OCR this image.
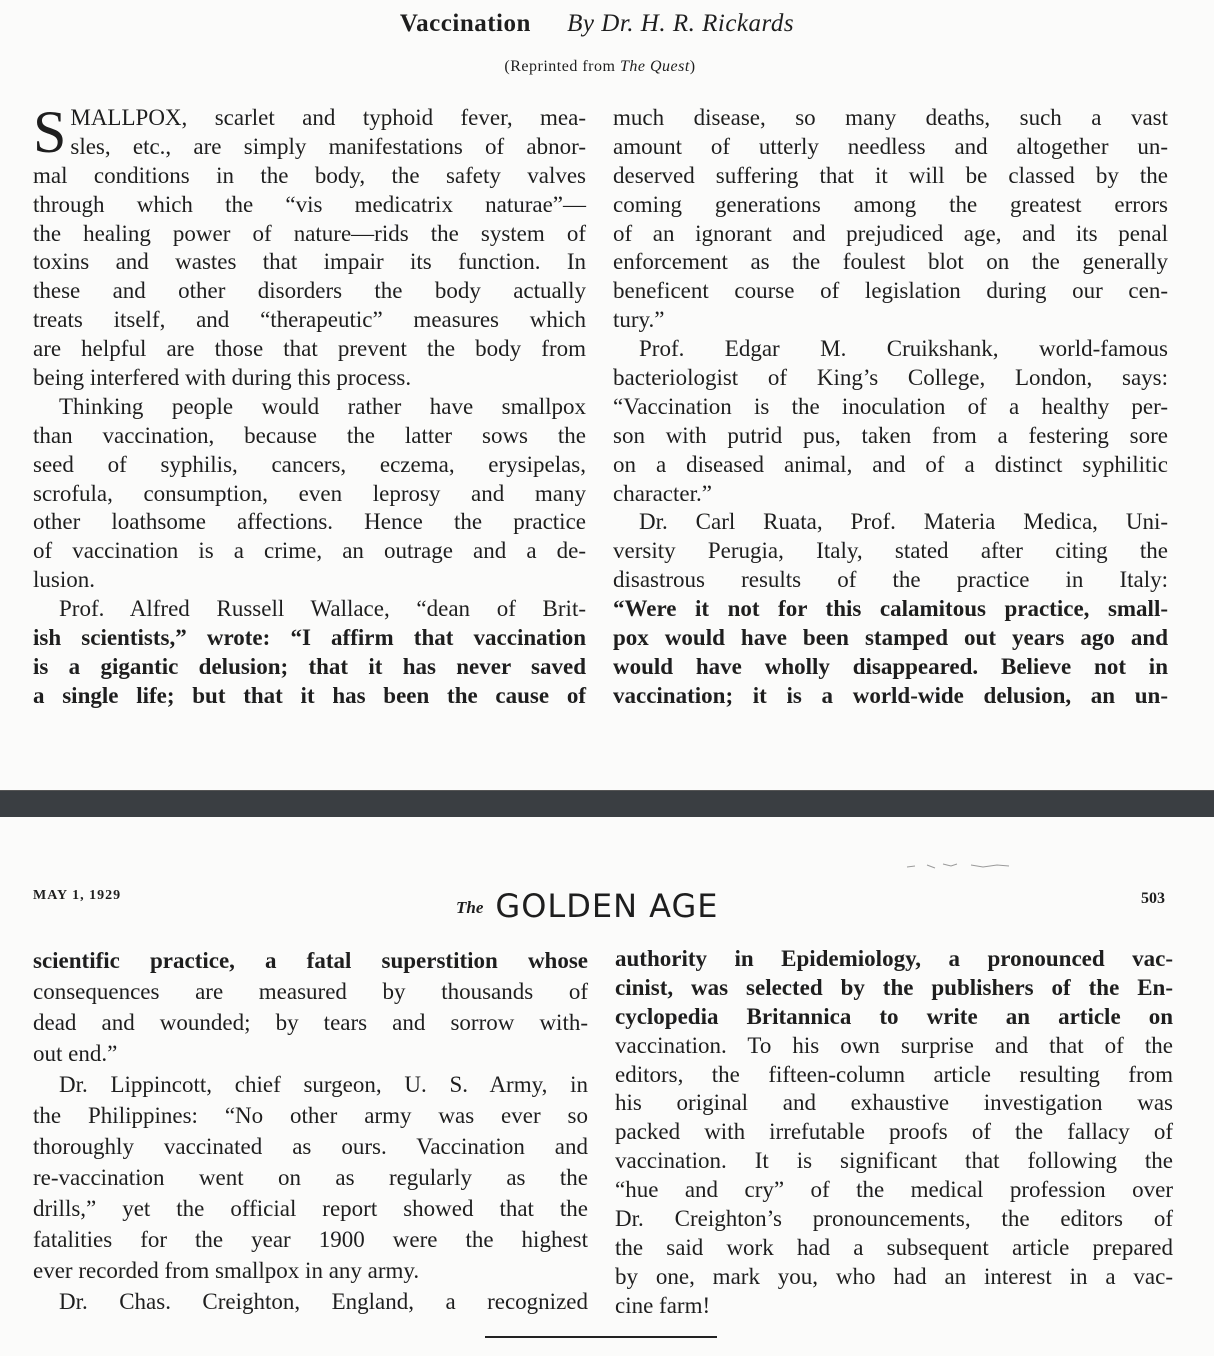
Vaccination By Dr. H. R. Rickards
(Reprinted from The Quest)
S MALLPOX, scarlet and typhoid fever, mea-
sles, etc., are simply manifestations of abnor-
mal conditions in the body, the safety valves
through which the “vis medicatrix naturae”—
the healing power of nature—rids the system of
toxins and wastes that impair its function. In
these and other disorders the body actually
treats itself, and “therapeutic” measures which
are helpful are those that prevent the body from
being interfered with during this process.
Thinking people would rather have smallpox
than vaccination, because the latter sows the
seed of syphilis, cancers, eczema, erysipelas,
scrofula, consumption, even leprosy and many
other loathsome affections. Hence the practice
of vaccination is a crime, an outrage and a de-
lusion.
Prof. Alfred Russell Wallace, “dean of Brit-
ish scientists,” wrote: “I affirm that vaccination
is a gigantic delusion; that it has never saved
a single life; but that it has been the cause of
much disease, so many deaths, such a vast
amount of utterly needless and altogether un-
deserved suffering that it will be classed by the
coming generations among the greatest errors
of an ignorant and prejudiced age, and its penal
enforcement as the foulest blot on the generally
beneficent course of legislation during our cen-
tury.”
Prof. Edgar M. Cruikshank, world-famous
bacteriologist of King’s College, London, says:
“Vaccination is the inoculation of a healthy per-
son with putrid pus, taken from a festering sore
on a diseased animal, and of a distinct syphilitic
character.”
Dr. Carl Ruata, Prof. Materia Medica, Uni-
versity Perugia, Italy, stated after citing the
disastrous results of the practice in Italy:
“Were it not for this calamitous practice, small-
pox would have been stamped out years ago and
would have wholly disappeared. Believe not in
vaccination; it is a world-wide delusion, an un-
MAY 1, 1929
The GOLDEN AGE	503
scientific practice, a fatal superstition whose
consequences are measured by thousands of
dead and wounded; by tears and sorrow with-
out end.”
Dr. Lippincott, chief surgeon, U. S. Army, in
the Philippines: “No other army was ever so
thoroughly vaccinated as ours. Vaccination and
re-vaccination went on as regularly as the
drills,” yet the official report showed that the
fatalities for the year 1900 were the highest
ever recorded from smallpox in any army.
Dr. Chas. Creighton, England, a recognized
authority in Epidemiology, a pronounced vac-
cinist, was selected by the publishers of the En-
cyclopedia Britannica to write an article on
vaccination. To his own surprise and that of the
editors, the fifteen-column article resulting from
his original and exhaustive investigation was
packed with irrefutable proofs of the fallacy of
vaccination. It is significant that following the
“hue and cry” of the medical profession over
Dr. Creighton’s pronouncements, the editors of
the said work had a subsequent article prepared
by one, mark you, who had an interest in a vac-
cine farm!
